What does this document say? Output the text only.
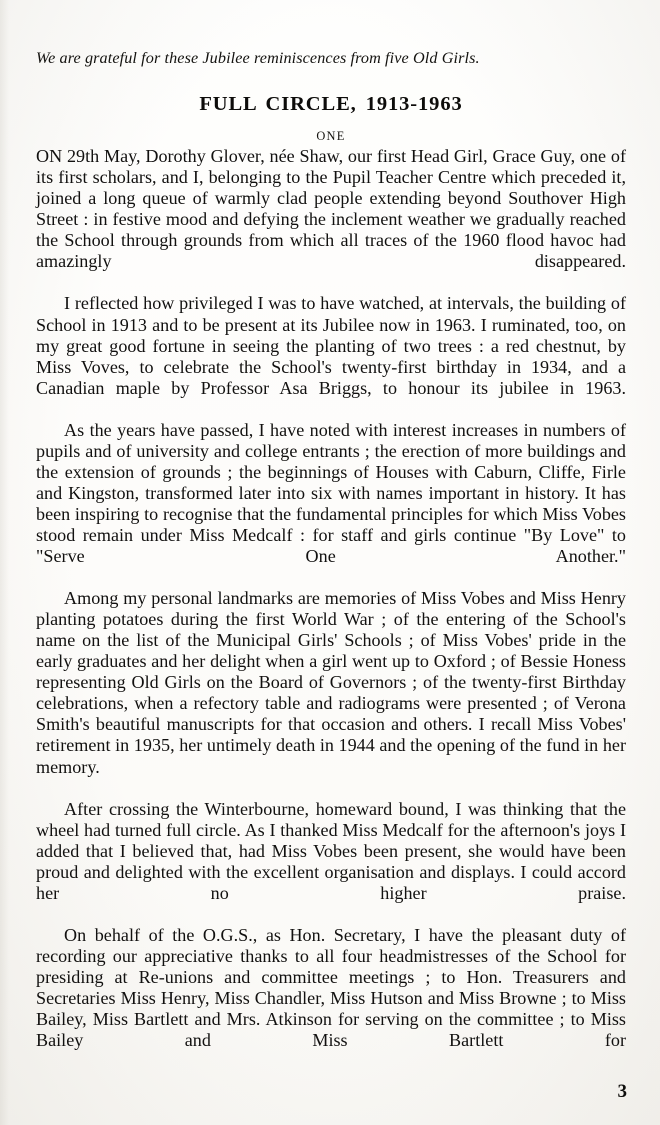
We are grateful for these Jubilee reminiscences from five Old Girls.

FULL CIRCLE, 1913-1963

ONE

ON 29th May, Dorothy Glover, née Shaw, our first Head Girl, Grace Guy, one of its first scholars, and I, belonging to the Pupil Teacher Centre which preceded it, joined a long queue of warmly clad people extending beyond Southover High Street : in festive mood and defying the inclement weather we gradually reached the School through grounds from which all traces of the 1960 flood havoc had amazingly disappeared.

I reflected how privileged I was to have watched, at intervals, the building of School in 1913 and to be present at its Jubilee now in 1963. I ruminated, too, on my great good fortune in seeing the planting of two trees : a red chestnut, by Miss Voves, to celebrate the School's twenty-first birthday in 1934, and a Canadian maple by Professor Asa Briggs, to honour its jubilee in 1963.

As the years have passed, I have noted with interest increases in numbers of pupils and of university and college entrants ; the erection of more buildings and the extension of grounds ; the beginnings of Houses with Caburn, Cliffe, Firle and Kingston, transformed later into six with names important in history. It has been inspiring to recognise that the fundamental principles for which Miss Vobes stood remain under Miss Medcalf : for staff and girls continue "By Love" to "Serve One Another."

Among my personal landmarks are memories of Miss Vobes and Miss Henry planting potatoes during the first World War ; of the entering of the School's name on the list of the Municipal Girls' Schools ; of Miss Vobes' pride in the early graduates and her delight when a girl went up to Oxford ; of Bessie Honess representing Old Girls on the Board of Governors ; of the twenty-first Birthday celebrations, when a refectory table and radiograms were presented ; of Verona Smith's beautiful manuscripts for that occasion and others. I recall Miss Vobes' retirement in 1935, her untimely death in 1944 and the opening of the fund in her memory.

After crossing the Winterbourne, homeward bound, I was thinking that the wheel had turned full circle. As I thanked Miss Medcalf for the afternoon's joys I added that I believed that, had Miss Vobes been present, she would have been proud and delighted with the excellent organisation and displays. I could accord her no higher praise.

On behalf of the O.G.S., as Hon. Secretary, I have the pleasant duty of recording our appreciative thanks to all four headmistresses of the School for presiding at Re-unions and committee meetings ; to Hon. Treasurers and Secretaries Miss Henry, Miss Chandler, Miss Hutson and Miss Browne ; to Miss Bailey, Miss Bartlett and Mrs. Atkinson for serving on the committee ; to Miss Bailey and Miss Bartlett for

3
